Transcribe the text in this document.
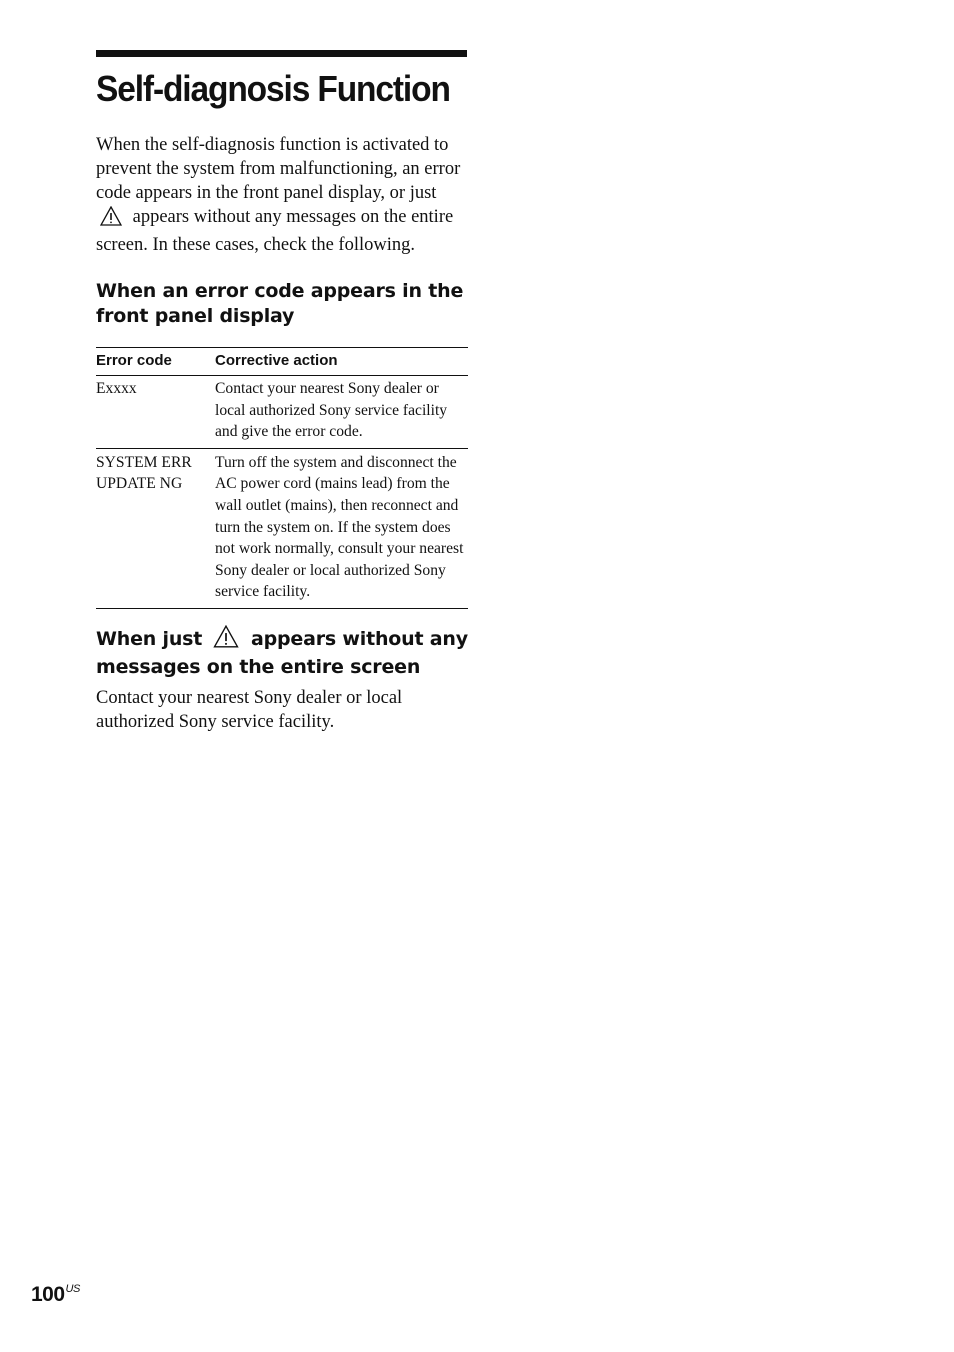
Self-diagnosis Function

When the self-diagnosis function is activated to prevent the system from malfunctioning, an error code appears in the front panel display, or just  appears without any messages on the entire screen. In these cases, check the following.

When an error code appears in the front panel display
Error code	Corrective action
Exxxx	Contact your nearest Sony dealer or local authorized Sony service facility and give the error code.
SYSTEM ERR UPDATE NG	Turn off the system and disconnect the AC power cord (mains lead) from the wall outlet (mains), then reconnect and turn the system on. If the system does not work normally, consult your nearest Sony dealer or local authorized Sony service facility.
When just	appears without any messages on the entire screen

Contact your nearest Sony dealer or local authorized Sony service facility.

$100^{US}$
